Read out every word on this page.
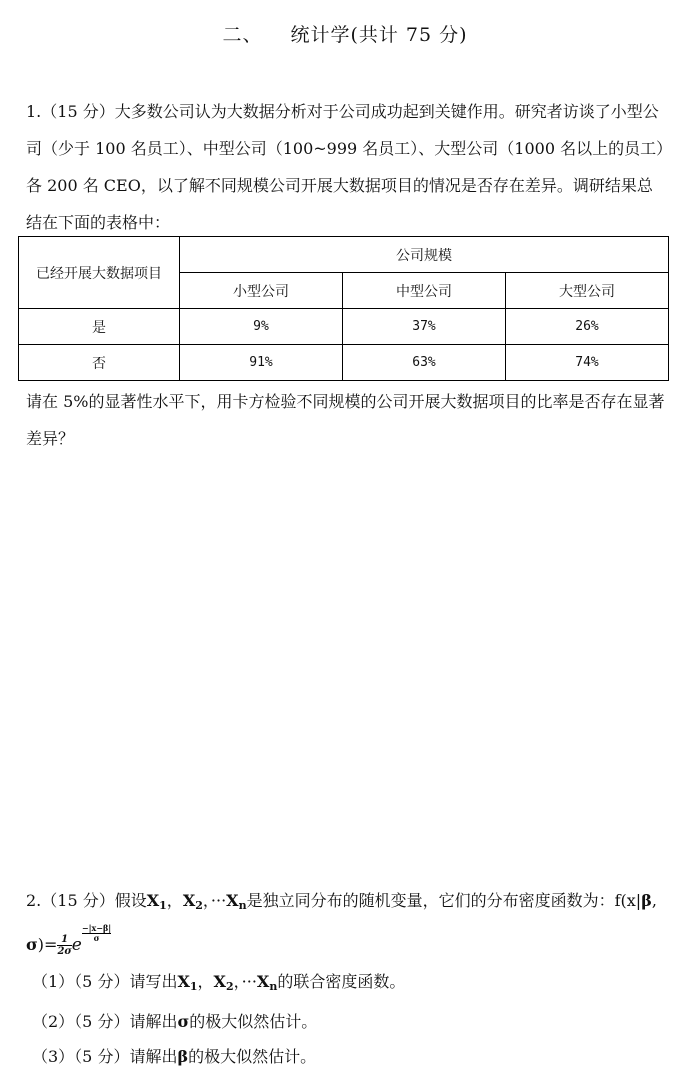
二、 统计学(共计 75 分)

1.（15 分）大多数公司认为大数据分析对于公司成功起到关键作用。研究者访谈了小型公司（少于 100 名员工）、中型公司（100~999 名员工）、大型公司（1000 名以上的员工）各 200 名 CEO，以了解不同规模公司开展大数据项目的情况是否存在差异。调研结果总结在下面的表格中：

已经开展大数据项目	公司规模		
	小型公司	中型公司	大型公司
是	9%	37%	26%
否	91%	63%	74%

请在 5%的显著性水平下，用卡方检验不同规模的公司开展大数据项目的比率是否存在显著差异？

2.（15 分）假设$X_1$，$X_2$，$\cdot\cdot\cdot X_n$是独立同分布的随机变量，它们的分布密度函数为：f(x|β, $\sigma)= \frac{1}{2\sigma}$ e
$\frac{-|x-\beta|}{\sigma}$
（1）（5 分）请写出$X_1$，$X_2$，$\cdot\cdot\cdot X_n$的联合密度函数。
（2）（5 分）请解出σ的极大似然估计。
（3）（5 分）请解出β的极大似然估计。
